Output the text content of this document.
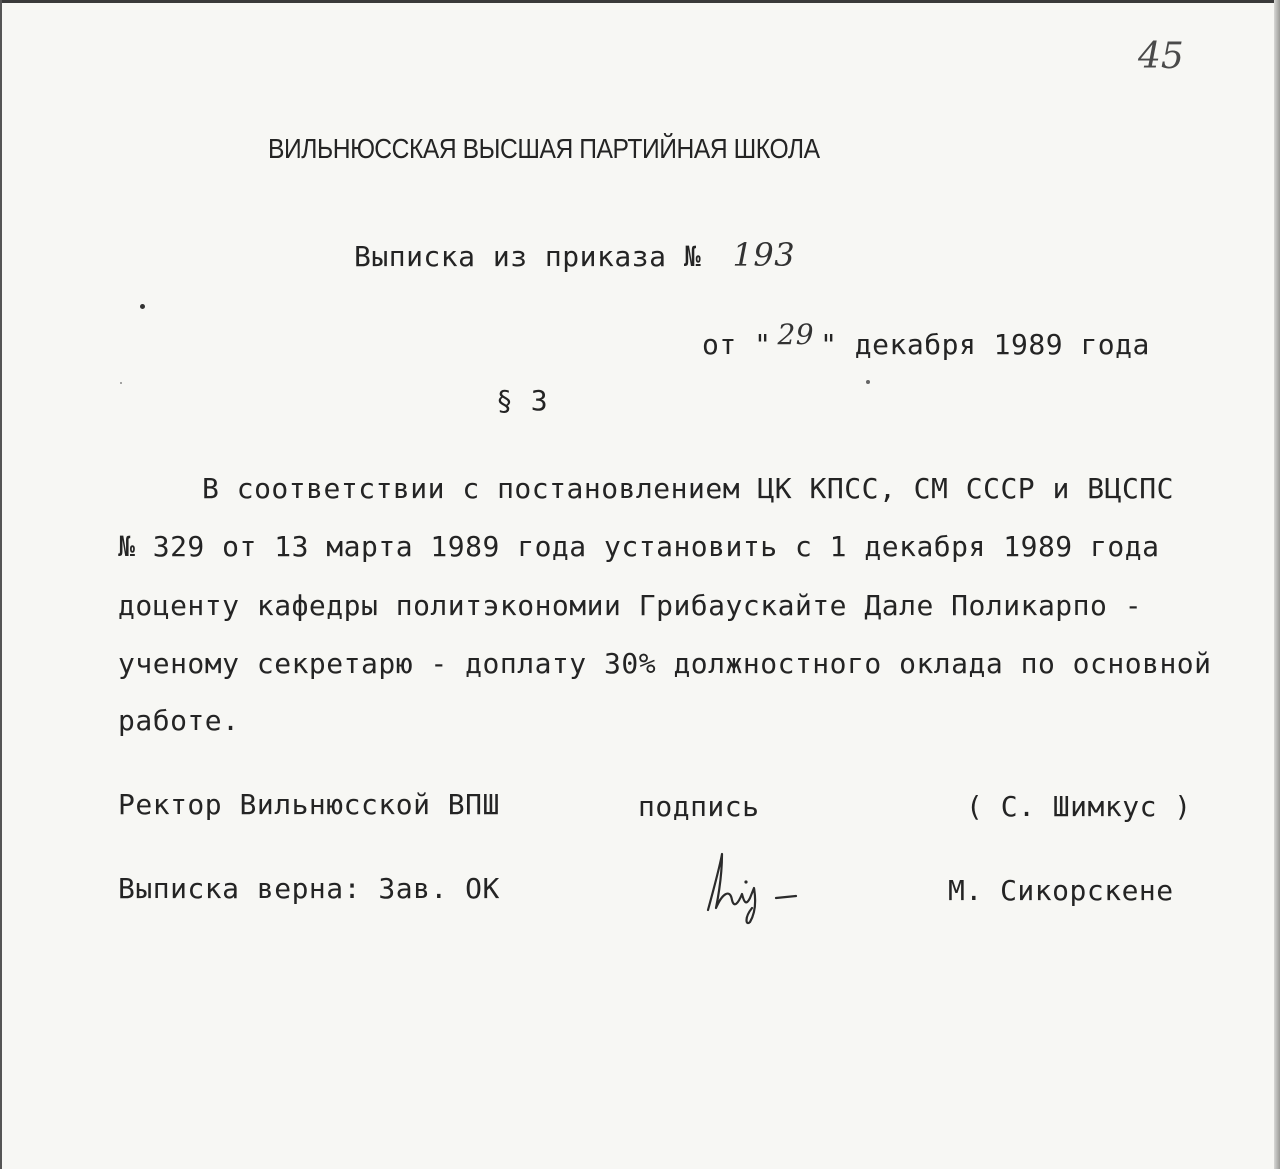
45
ВИЛЬНЮССКАЯ ВЫСШАЯ ПАРТИЙНАЯ ШКОЛА
Выписка из приказа № 193
от " 29 " декабря 1989 года
§ 3
В соответствии с постановлением ЦК КПСС, СМ СССР и ВЦСПС
№ 329 от 13 марта 1989 года установить с 1 декабря 1989 года
доценту кафедры политэкономии Грибаускайте Дале Поликарпо -
ученому секретарю - доплату 30% должностного оклада по основной
работе.
Ректор Вильнюсской ВПШ	подпись	( С. Шимкус )
Выписка верна: Зав. ОК	М. Сикорскене
